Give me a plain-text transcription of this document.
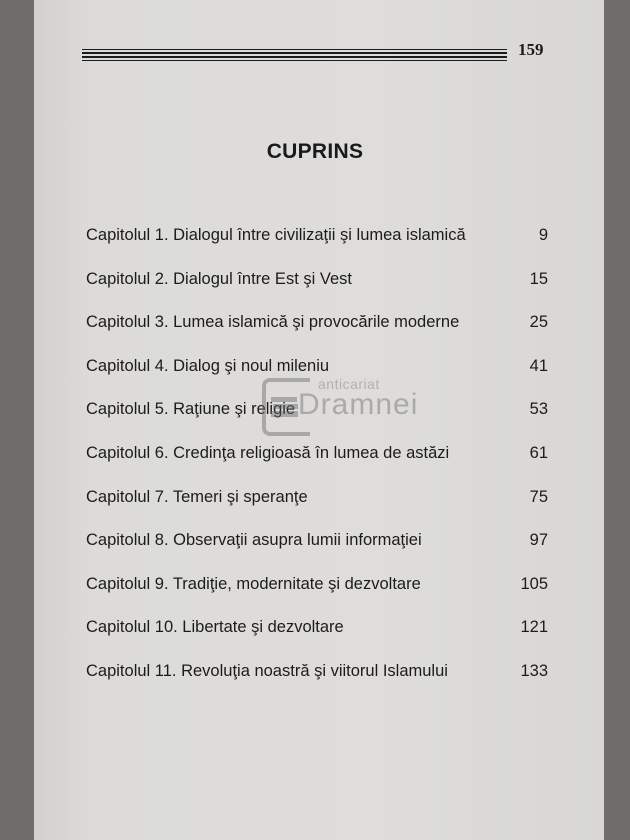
159
CUPRINS
Capitolul 1. Dialogul între civilizaţii şi lumea islamică	9
Capitolul 2. Dialogul între Est şi Vest	15
Capitolul 3. Lumea islamică şi provocările moderne	25
Capitolul 4. Dialog şi noul mileniu	41
Capitolul 5. Raţiune şi religie	53
Capitolul 6. Credinţa religioasă în lumea de astăzi	61
Capitolul 7. Temeri şi speranţe	75
Capitolul 8. Observaţii asupra lumii informaţiei	97
Capitolul 9. Tradiţie, modernitate şi dezvoltare	105
Capitolul 10. Libertate şi dezvoltare	121
Capitolul 11. Revoluţia noastră şi viitorul Islamului	133
anticariat
Dramnei
